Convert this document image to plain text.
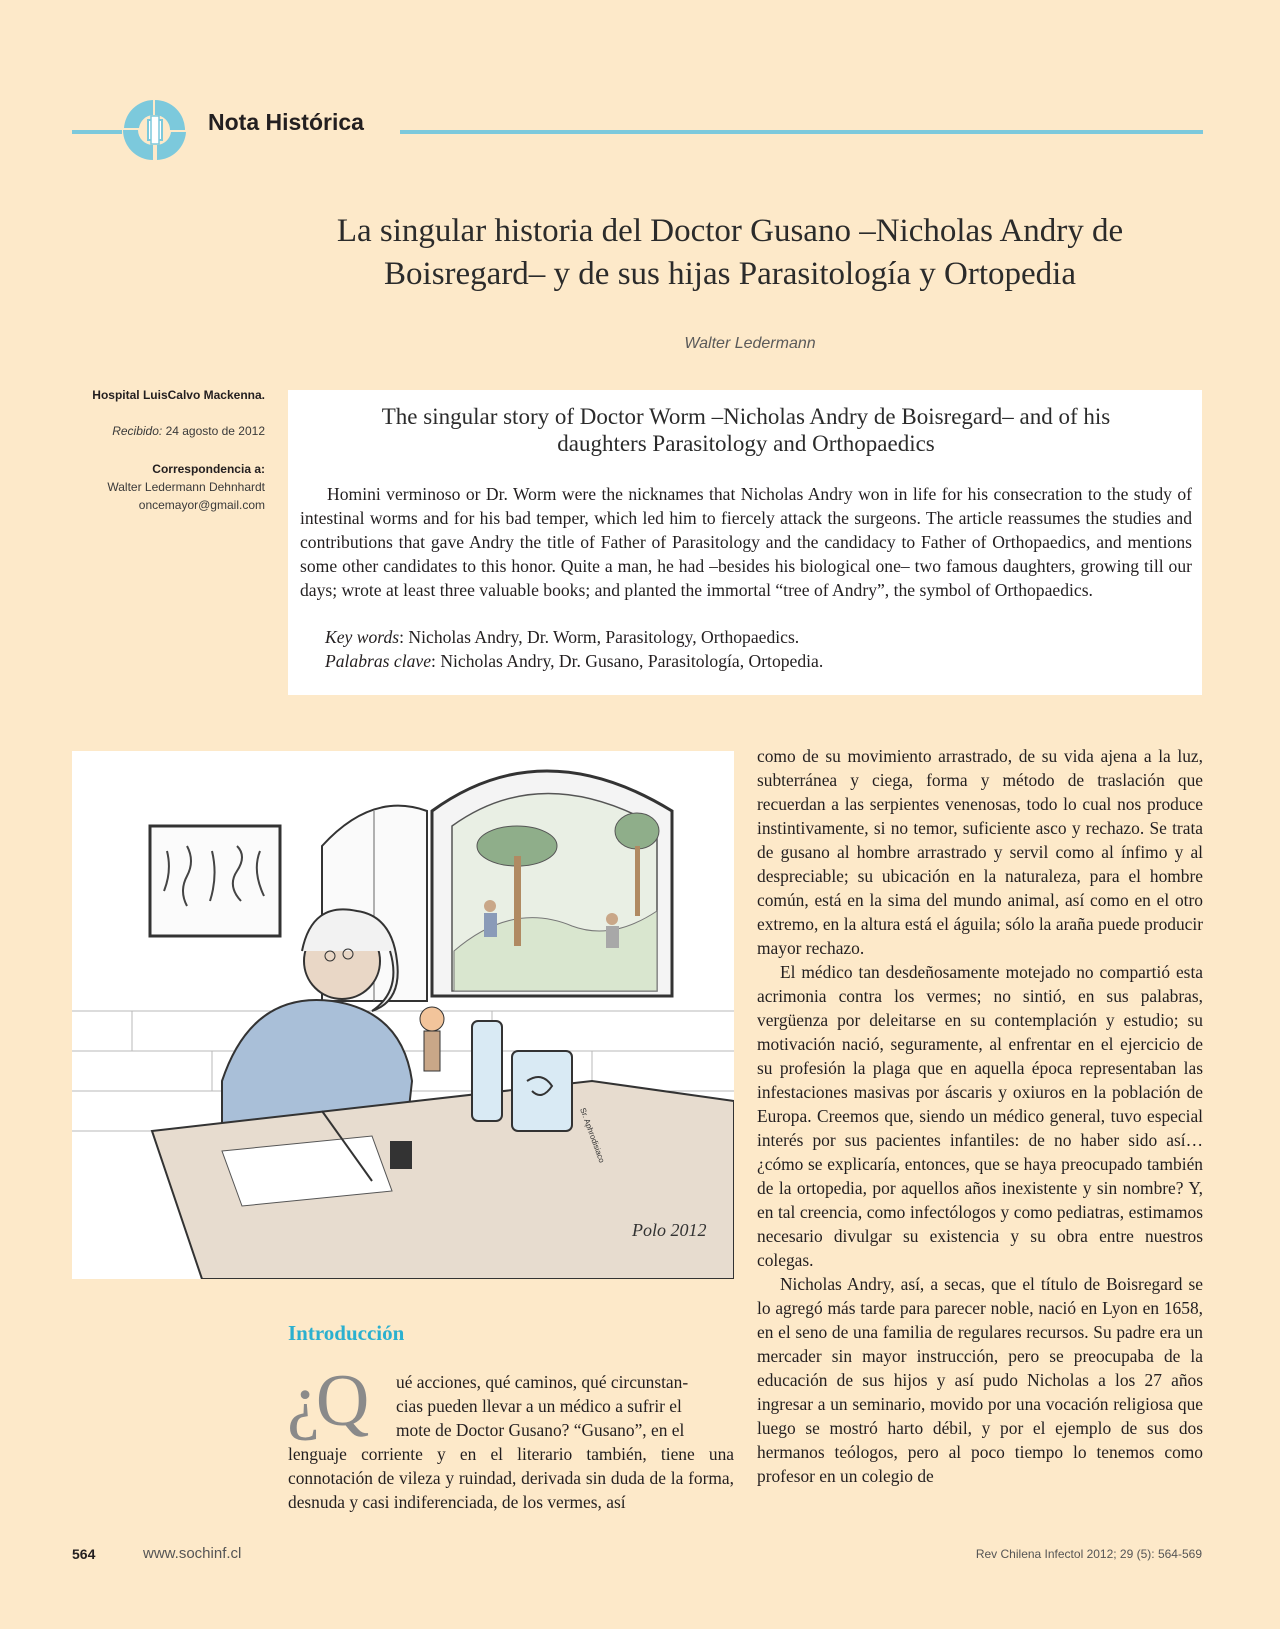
Nota Histórica
La singular historia del Doctor Gusano –Nicholas Andry de
Boisregard– y de sus hijas Parasitología y Ortopedia
Walter Ledermann
Hospital LuisCalvo Mackenna.
Recibido: 24 agosto de 2012
Correspondencia a:
Walter Ledermann Dehnhardt
oncemayor@gmail.com
The singular story of Doctor Worm –Nicholas Andry de Boisregard– and of his
daughters Parasitology and Orthopaedics

Homini verminoso or Dr. Worm were the nicknames that Nicholas Andry won in life for his consecration to the study of intestinal worms and for his bad temper, which led him to fiercely attack the surgeons. The article reassumes the studies and contributions that gave Andry the title of Father of Parasitology and the candidacy to Father of Orthopaedics, and mentions some other candidates to this honor. Quite a man, he had –besides his biological one– two famous daughters, growing till our days; wrote at least three valuable books; and planted the immortal “tree of Andry”, the symbol of Orthopaedics.

Key words: Nicholas Andry, Dr. Worm, Parasitology, Orthopaedics.
Palabras clave: Nicholas Andry, Dr. Gusano, Parasitología, Ortopedia.
Polo 2012
Sr. Aphrodisiaco
Introducción
¿Q	ué acciones, qué caminos, qué circunstan-
cias pueden llevar a un médico a sufrir el
mote de Doctor Gusano? “Gusano”, en el
lenguaje corriente y en el literario también, tiene una connotación de vileza y ruindad, derivada sin duda de la forma, desnuda y casi indiferenciada, de los vermes, así

como de su movimiento arrastrado, de su vida ajena a la luz, subterránea y ciega, forma y método de traslación que recuerdan a las serpientes venenosas, todo lo cual nos produce instintivamente, si no temor, suficiente asco y rechazo. Se trata de gusano al hombre arrastrado y servil como al ínfimo y al despreciable; su ubicación en la naturaleza, para el hombre común, está en la sima del mundo animal, así como en el otro extremo, en la altura está el águila; sólo la araña puede producir mayor rechazo.

El médico tan desdeñosamente motejado no compartió esta acrimonia contra los vermes; no sintió, en sus palabras, vergüenza por deleitarse en su contemplación y estudio; su motivación nació, seguramente, al enfrentar en el ejercicio de su profesión la plaga que en aquella época representaban las infestaciones masivas por áscaris y oxiuros en la población de Europa. Creemos que, siendo un médico general, tuvo especial interés por sus pacientes infantiles: de no haber sido así… ¿cómo se explicaría, entonces, que se haya preocupado también de la ortopedia, por aquellos años inexistente y sin nombre? Y, en tal creencia, como infectólogos y como pediatras, estimamos necesario divulgar su existencia y su obra entre nuestros colegas.

Nicholas Andry, así, a secas, que el título de Boisregard se lo agregó más tarde para parecer noble, nació en Lyon en 1658, en el seno de una familia de regulares recursos. Su padre era un mercader sin mayor instrucción, pero se preocupaba de la educación de sus hijos y así pudo Nicholas a los 27 años ingresar a un seminario, movido por una vocación religiosa que luego se mostró harto débil, y por el ejemplo de sus dos hermanos teólogos, pero al poco tiempo lo tenemos como profesor en un colegio de

564	www.sochinf.cl	Rev Chilena Infectol 2012; 29 (5): 564-569
